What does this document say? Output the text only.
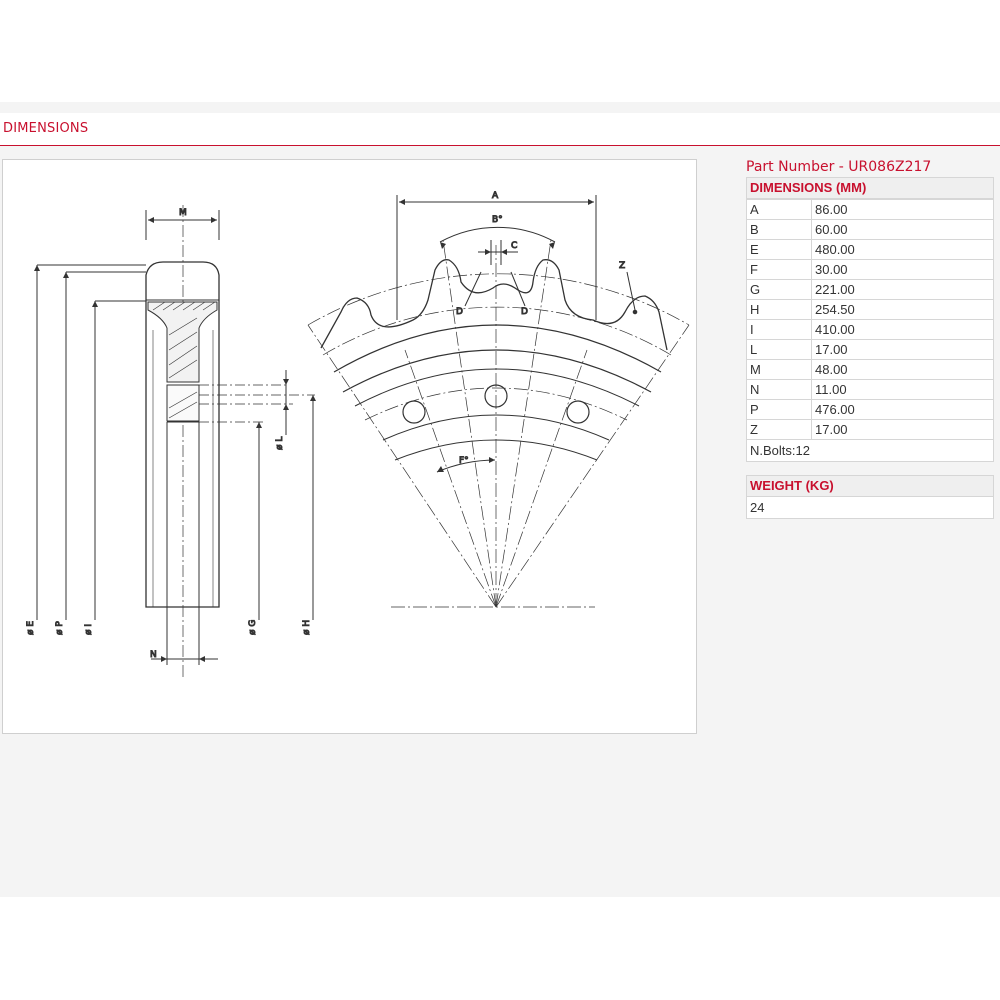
DIMENSIONS
M
N
ø E ø P ø I
ø L
ø G	ø H
A
B°
C
D	D
Z
F°
Part Number - UR086Z217
DIMENSIONS (MM)
A	86.00
B	60.00
E	480.00
F	30.00
G	221.00
H	254.50
I	410.00
L	17.00
M	48.00
N	11.00
P	476.00
Z	17.00
N.Bolts:12
WEIGHT (KG)
24
